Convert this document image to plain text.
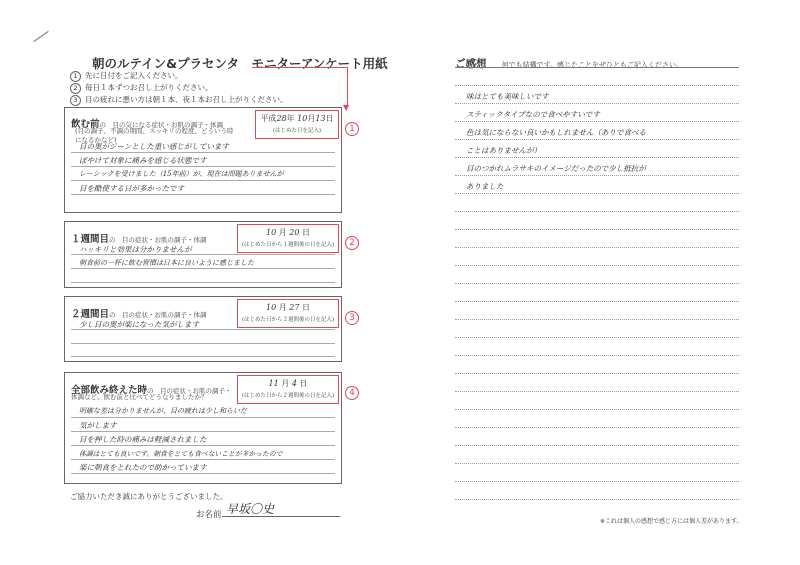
朝のルテイン&プラセンタ　モニターアンケート用紙
1 先に日付をご記入ください。
2 毎日１本ずつお召し上がりください。
3 目の疲れに悪い方は朝１本、夜１本お召し上がりください。
▼
飲む前の　目の気になる症状・お肌の調子・体調
(目の調子、不調の期間、スッキリの程度、どういう時
になるかなど)
平成28年 10月13日
(はじめた日を記入)
目の奥がジーンとした重い感じがしています
ぼやけて対象に痛みを感じる状態です
レーシックを受けました（15年前）が、現在は問題ありませんが
目を酷使する日が多かったです
1
１週間目の　目の症状・お肌の調子・体調
10 月 20 日
(はじめた日から１週間後の日を記入)
ハッキリと効果は分かりませんが
朝食前の一杯に飲む習慣は日本に良いように感じました
2
２週間目の　目の症状・お肌の調子・体調
10 月 27 日
(はじめた日から２週間後の日を記入)
少し目の奥が楽になった気がします
3
全部飲み終えた時の　目の症状・お肌の調子・
体調など。飲む前と比べてどうなりましたか？
11 月 4 日
(はじめた日から２週間後の日を記入)
明確な差は分かりませんが、目の疲れは少し和らいだ
気がします
目を押した時の痛みは軽減されました
体調はとても良いです。朝食をとても食べないことが多かったので
楽に朝食をとれたので助かっています
4
ご協力いただき誠にありがとうございました。
お名前 早坂〇史
ご感想 何でも結構です。感じたことをぜひともご記入ください。
味はとても美味しいです
スティックタイプなので食べやすいです
色は気にならない良いかもしれません（ありで食べる
ことはありませんが）
目のつかれムラサキのイメージだったので少し抵抗が
ありました
※これは個人の感想で感じ方には個人差があります。
